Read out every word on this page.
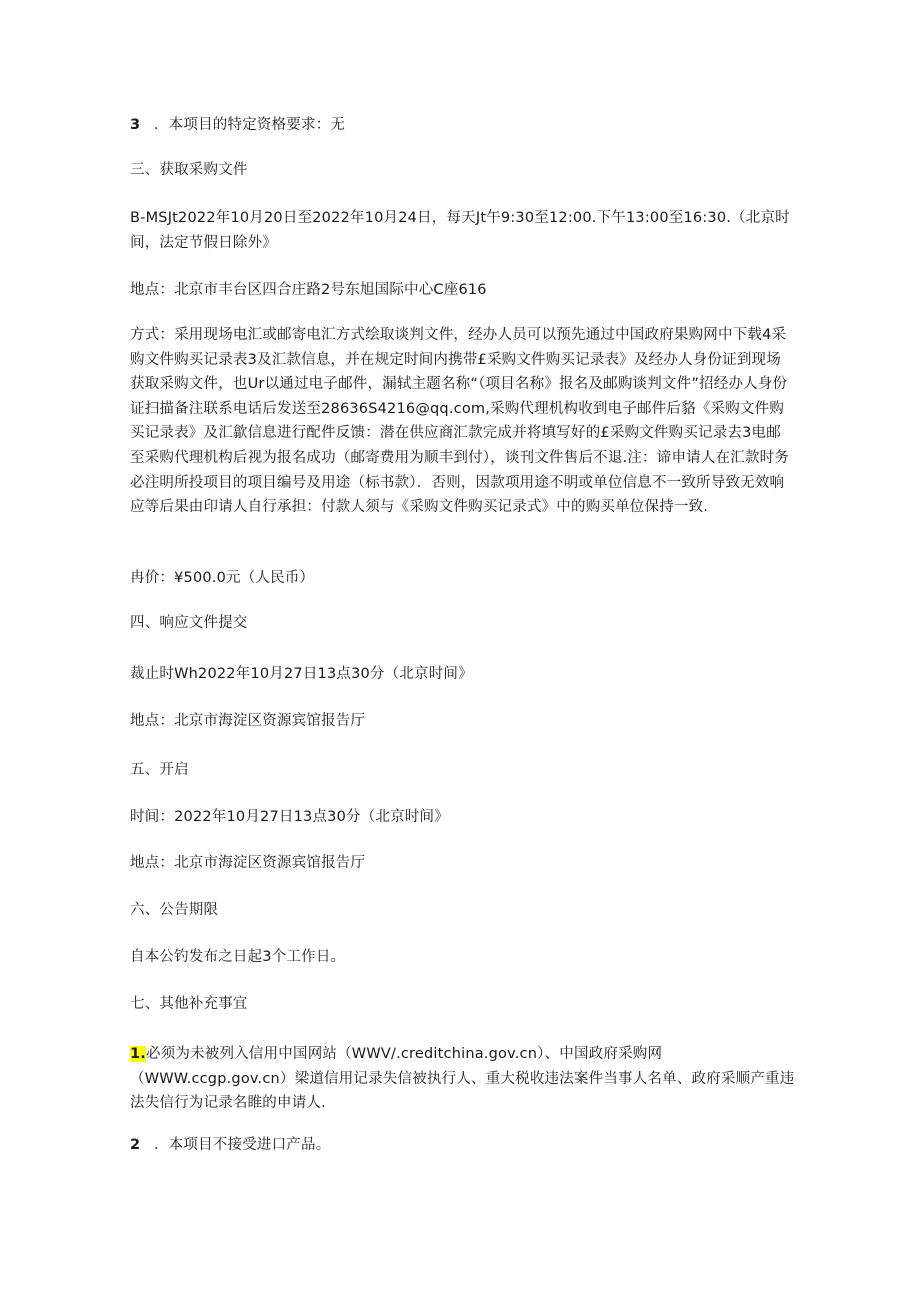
3 ．本项目的特定资格要求：无

三、获取采购文件

B-MSJt2022年10月20日至2022年10月24日，每天Jt午9:30至12:00.下午13:00至16:30.（北京时间，法定节假日除外》

地点：北京市丰台区四合庄路2号东旭国际中心C座616

方式：采用现场电汇或邮寄电汇方式绘取谈判文件，经办人员可以预先通过中国政府果购网中下载4采购文件购买记录表3及汇款信息，并在规定时间内携带£采购文件购买记录表》及经办人身份证到现场获取采购文件，也Ur以通过电子邮件，漏轼主题名称“（项目名称》报名及邮购谈判文件”招经办人身份证扫描备注联系电话后发送至28636S4216@qq.com,采购代理机构收到电子邮件后貉《采购文件购买记录表》及汇歙信息进行配件反馈：潜在供应商汇款完成并将填写好的£采购文件购买记录去3电邮至采购代理机构后视为报名成功（邮寄费用为顺丰到付），谈刊文件售后不退.注：谛申请人在汇款时务必注明所投项目的项目编号及用途（标书款）．否则，因款项用途不明或单位信息不一致所导致无效响应等后果由印请人自行承担：付款人须与《采购文件购买记录式》中的购买单位保持一致.

冉价：¥500.0元（人民币）

四、响应文件提交

裁止时Wh2022年10月27日13点30分（北京时间》

地点：北京市海淀区资源宾馆报告厅

五、开启

时间：2022年10月27日13点30分（北京时间》

地点：北京市海淀区资源宾馆报告厅

六、公告期限

自本公钓发布之日起3个工作日。

七、其他补充事宜

1.必须为未被列入信用中国网站（WWV/.creditchina.gov.cn）、中国政府采购网（WWW.ccgp.gov.cn）梁道信用记录失信被执行人、重大税收违法案件当事人名单、政府采顺产重违法失信行为记录名睢的申请人.

2 ．本项目不接受进口产品。
